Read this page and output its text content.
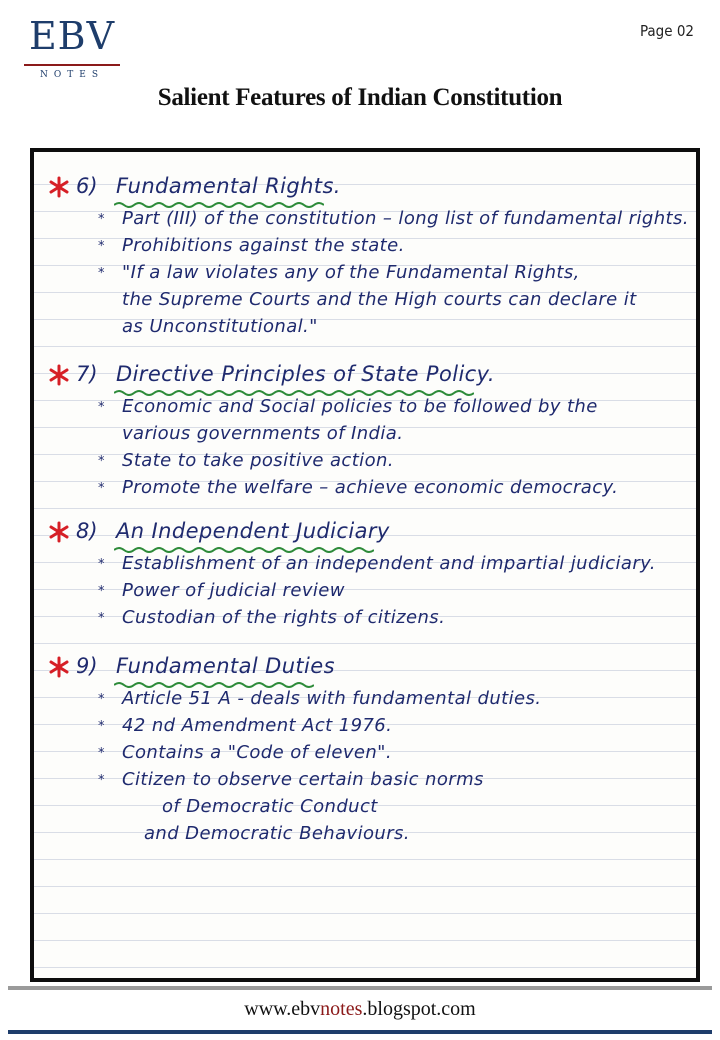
EBV
NOTES
Page 02
Salient Features of Indian Constitution
6) Fundamental Rights.
* Part (III) of the constitution – long list of fundamental rights.
* Prohibitions against the state.
* "If a law violates any of the Fundamental Rights,
the Supreme Courts and the High courts can declare it
as Unconstitutional."
7) Directive Principles of State Policy.
* Economic and Social policies to be followed by the
various governments of India.
* State to take positive action.
* Promote the welfare – achieve economic democracy.
8) An Independent Judiciary
* Establishment of an independent and impartial judiciary.
* Power of judicial review
* Custodian of the rights of citizens.
9) Fundamental Duties
* Article 51 A - deals with fundamental duties.
* 42 nd Amendment Act 1976.
* Contains a "Code of eleven".
* Citizen to observe certain basic norms
of Democratic Conduct
and Democratic Behaviours.
www.ebvnotes.blogspot.com
